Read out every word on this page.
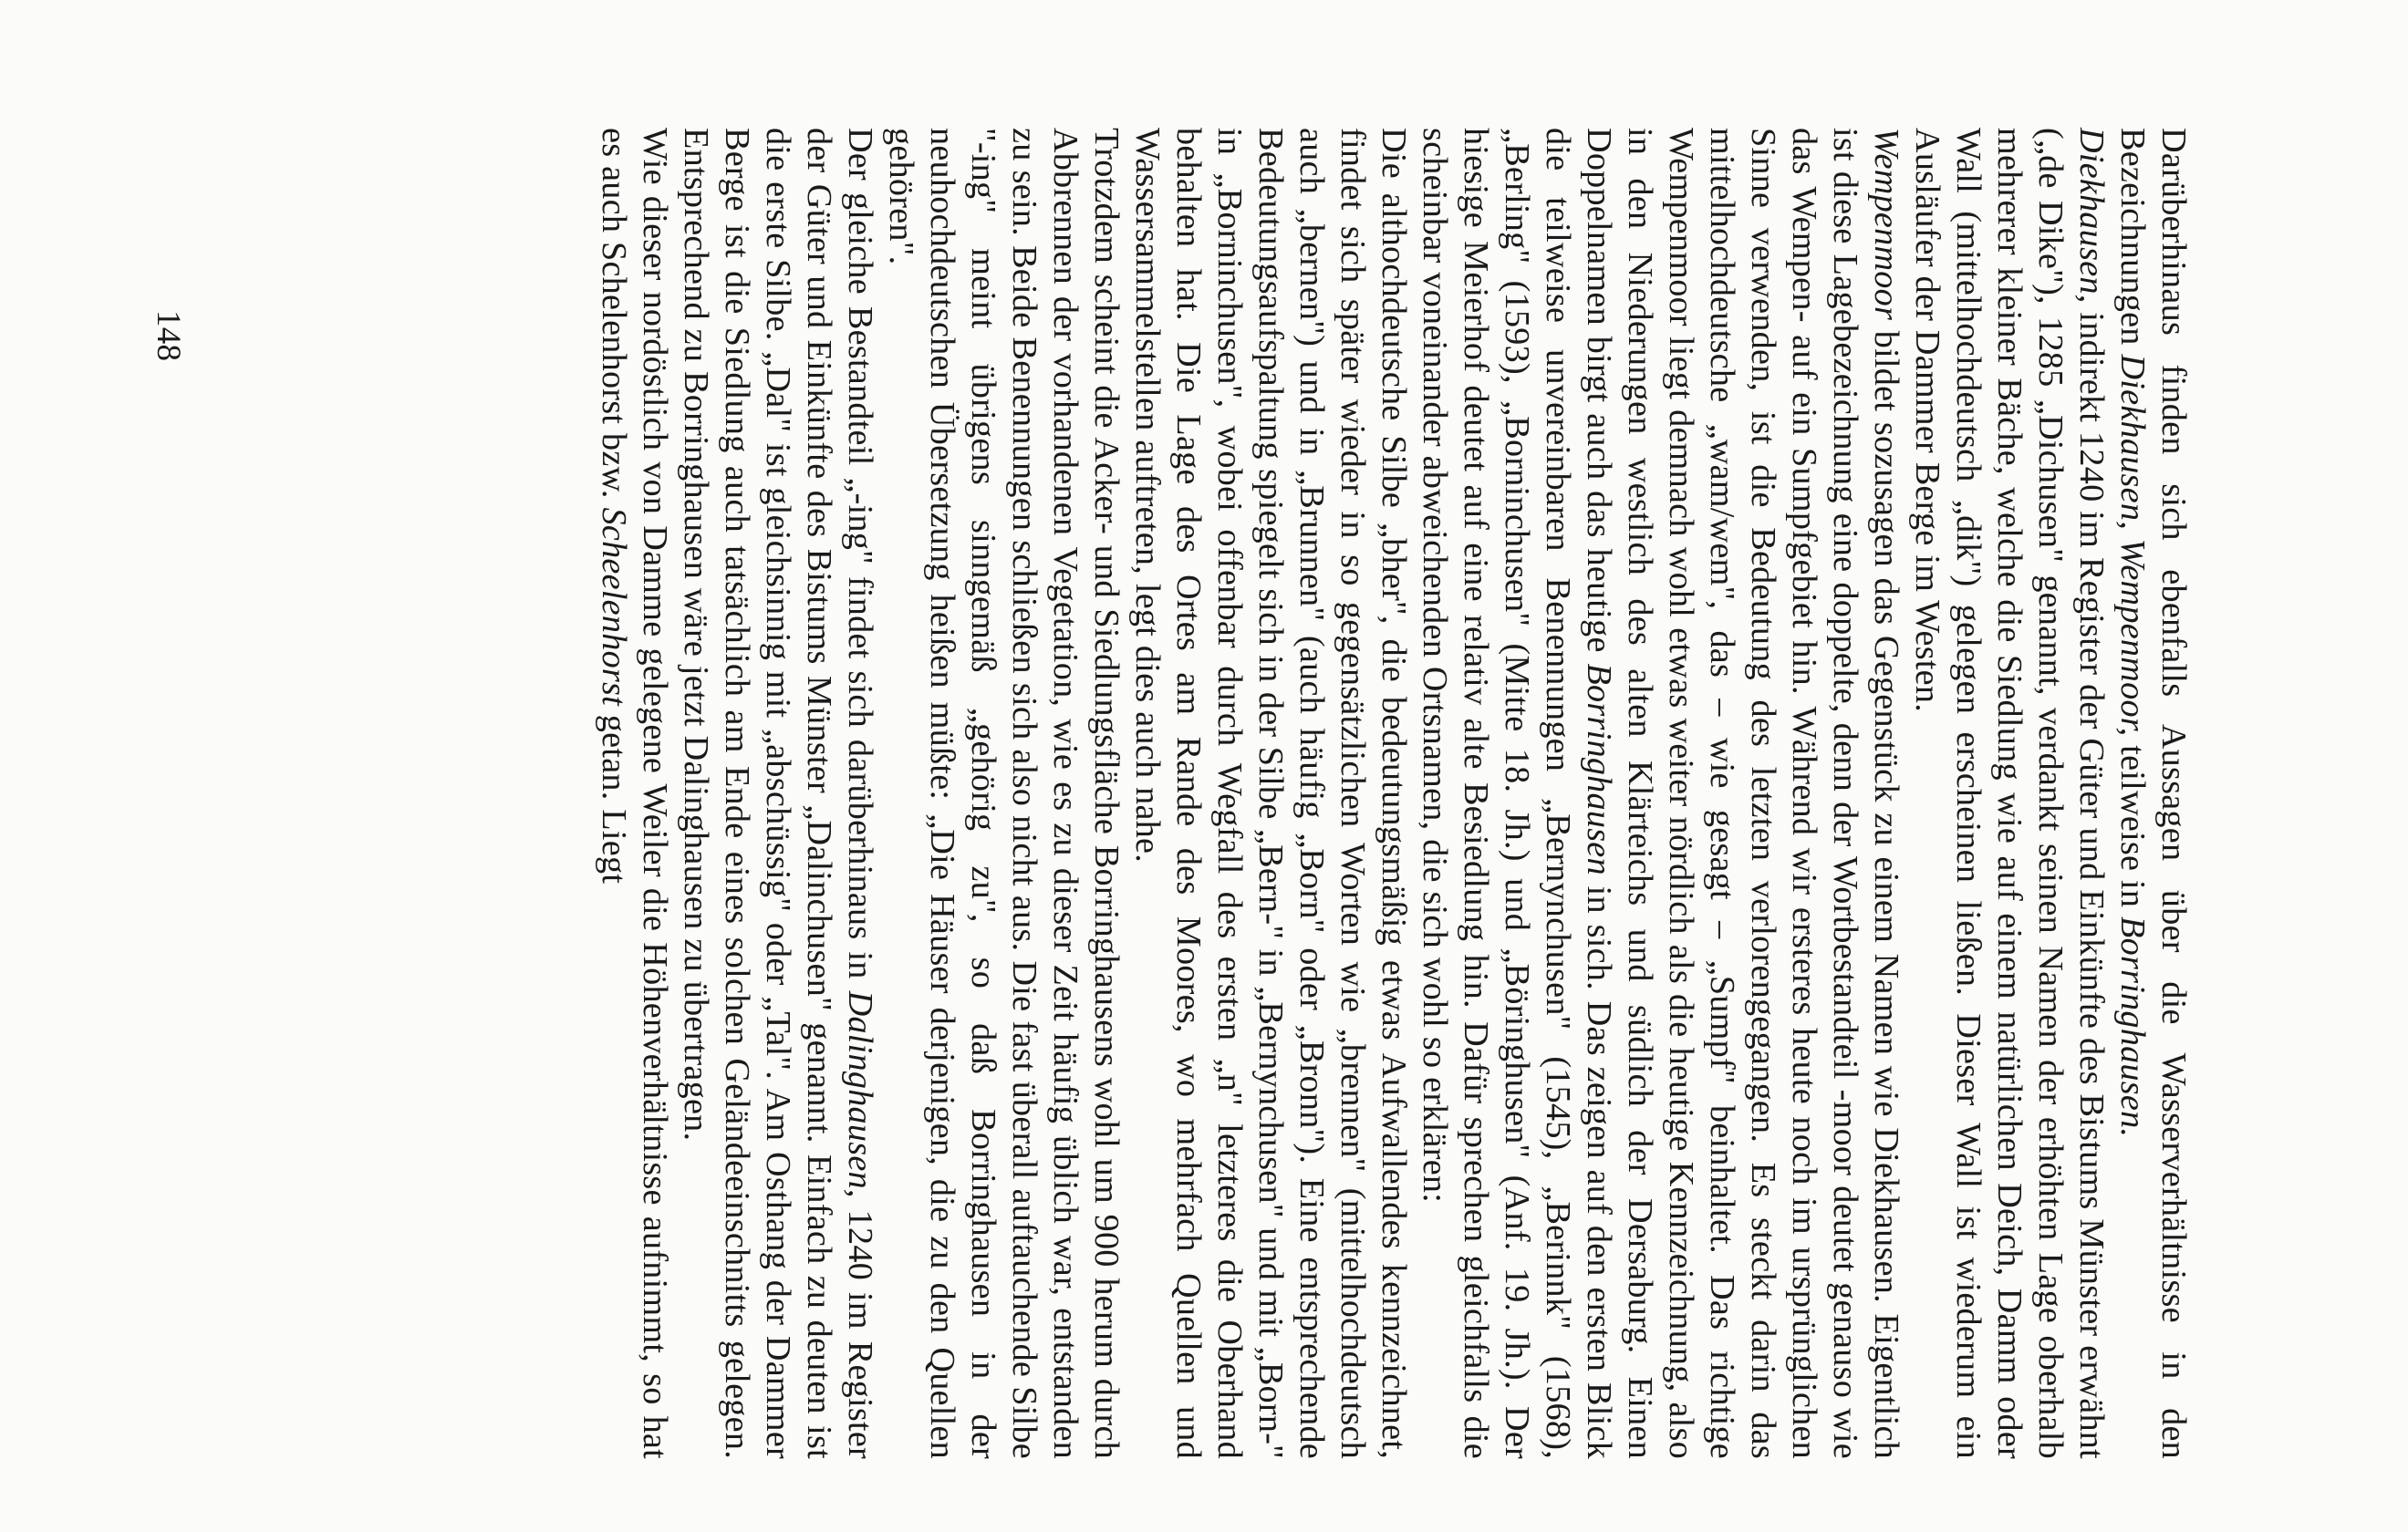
Darüberhinaus finden sich ebenfalls Aussagen über die Wasserverhältnisse in den Bezeichnungen Diekhausen, Wempenmoor, teilweise in Borringhausen.

Diekhausen, indirekt 1240 im Register der Güter und Einkünfte des Bistums Münster erwähnt („de Dike"), 1285 „Dichusen" genannt, verdankt seinen Namen der erhöhten Lage oberhalb mehrerer kleiner Bäche, welche die Siedlung wie auf einem natürlichen Deich, Damm oder Wall (mittelhochdeutsch „dik") gelegen erscheinen ließen. Dieser Wall ist wiederum ein Ausläufer der Dammer Berge im Westen.

Wempenmoor bildet sozusagen das Gegenstück zu einem Namen wie Diekhausen. Eigentlich ist diese Lagebezeichnung eine doppelte, denn der Wortbestandteil -moor deutet genauso wie das Wempen- auf ein Sumpfgebiet hin. Während wir ersteres heute noch im ursprünglichen Sinne verwenden, ist die Bedeutung des letzten verlorengegangen. Es steckt darin das mittelhochdeutsche „wam/wem", das – wie gesagt – „Sumpf" beinhaltet. Das richtige Wempenmoor liegt demnach wohl etwas weiter nördlich als die heutige Kennzeichnung, also in den Niederungen westlich des alten Klärteichs und südlich der Dersaburg. Einen Doppelnamen birgt auch das heutige Borringhausen in sich. Das zeigen auf den ersten Blick die teilweise unvereinbaren Benennungen „Bernynchusen" (1545), „Berinnk" (1568), „Berling" (1593), „Borninchusen" (Mitte 18. Jh.) und „Böringhusen" (Anf. 19. Jh.). Der hiesige Meierhof deutet auf eine relativ alte Besiedlung hin. Dafür sprechen gleichfalls die scheinbar voneinander abweichenden Ortsnamen, die sich wohl so erklären:

Die althochdeutsche Silbe „bher", die bedeutungsmäßig etwas Aufwallendes kennzeichnet, findet sich später wieder in so gegensätzlichen Worten wie „brennen" (mittelhochdeutsch auch „bernen") und in „Brunnen" (auch häufig „Born" oder „Bronn"). Eine entsprechende Bedeutungsaufspaltung spiegelt sich in der Silbe „Bern-" in „Bernynchusen" und mit „Born-" in „Borninchusen", wobei offenbar durch Wegfall des ersten „n" letzteres die Oberhand behalten hat. Die Lage des Ortes am Rande des Moores, wo mehrfach Quellen und Wassersammelstellen auftreten, legt dies auch nahe.

Trotzdem scheint die Acker- und Siedlungsfläche Borringhausens wohl um 900 herum durch Abbrennen der vorhandenen Vegetation, wie es zu dieser Zeit häufig üblich war, entstanden zu sein. Beide Benennungen schließen sich also nicht aus. Die fast überall auftauchende Silbe "-ing" meint übrigens sinngemäß „gehörig zu", so daß Borringhausen in der neuhochdeutschen Übersetzung heißen müßte: „Die Häuser derjenigen, die zu den Quellen gehören".

Der gleiche Bestandteil „-ing" findet sich darüberhinaus in Dalinghausen, 1240 im Register der Güter und Einkünfte des Bistums Münster „Dalinchusen" genannt. Einfach zu deuten ist die erste Silbe. „Dal" ist gleichsinnig mit „abschüssig" oder „Tal". Am Osthang der Dammer Berge ist die Siedlung auch tatsächlich am Ende eines solchen Geländeeinschnitts gelegen. Entsprechend zu Borringhausen wäre jetzt Dalinghausen zu übertragen.

Wie dieser nordöstlich von Damme gelegene Weiler die Höhenverhältnisse aufnimmt, so hat es auch Schelenhorst bzw. Scheelenhorst getan. Liegt

148
